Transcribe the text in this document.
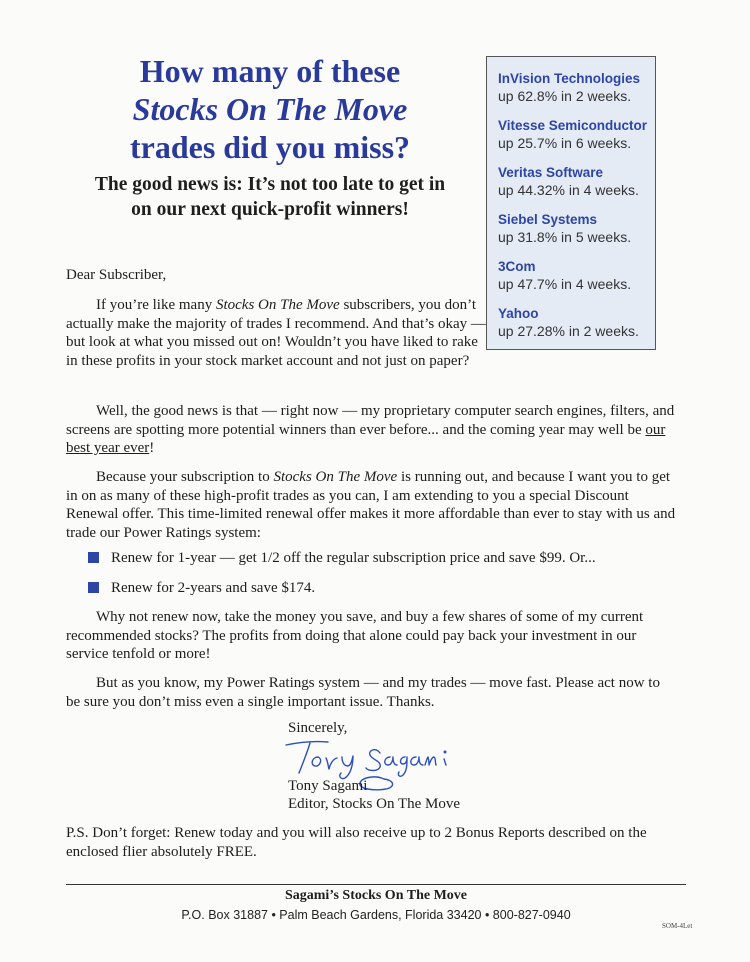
How many of these
Stocks On The Move
trades did you miss?
The good news is: It’s not too late to get in
on our next quick-profit winners!
InVision Technologies
up 62.8% in 2 weeks.
Vitesse Semiconductor
up 25.7% in 6 weeks.
Veritas Software
up 44.32% in 4 weeks.
Siebel Systems
up 31.8% in 5 weeks.
3Com
up 47.7% in 4 weeks.
Yahoo
up 27.28% in 2 weeks.
Dear Subscriber,
If you’re like many Stocks On The Move subscribers, you don’t actually make the majority of trades I recommend. And that’s okay — but look at what you missed out on! Wouldn’t you have liked to rake in these profits in your stock market account and not just on paper?
Well, the good news is that — right now — my proprietary computer search engines, filters, and screens are spotting more potential winners than ever before... and the coming year may well be our best year ever!
Because your subscription to Stocks On The Move is running out, and because I want you to get in on as many of these high-profit trades as you can, I am extending to you a special Discount Renewal offer. This time-limited renewal offer makes it more affordable than ever to stay with us and trade our Power Ratings system:
Renew for 1-year — get 1/2 off the regular subscription price and save $99. Or...
Renew for 2-years and save $174.
Why not renew now, take the money you save, and buy a few shares of some of my current recommended stocks? The profits from doing that alone could pay back your investment in our service tenfold or more!
But as you know, my Power Ratings system — and my trades — move fast. Please act now to be sure you don’t miss even a single important issue. Thanks.
Sincerely,
Tony Sagami
Editor, Stocks On The Move
P.S. Don’t forget: Renew today and you will also receive up to 2 Bonus Reports described on the enclosed flier absolutely FREE.
Sagami’s Stocks On The Move
P.O. Box 31887 • Palm Beach Gardens, Florida 33420 • 800-827-0940
SOM-4Let
